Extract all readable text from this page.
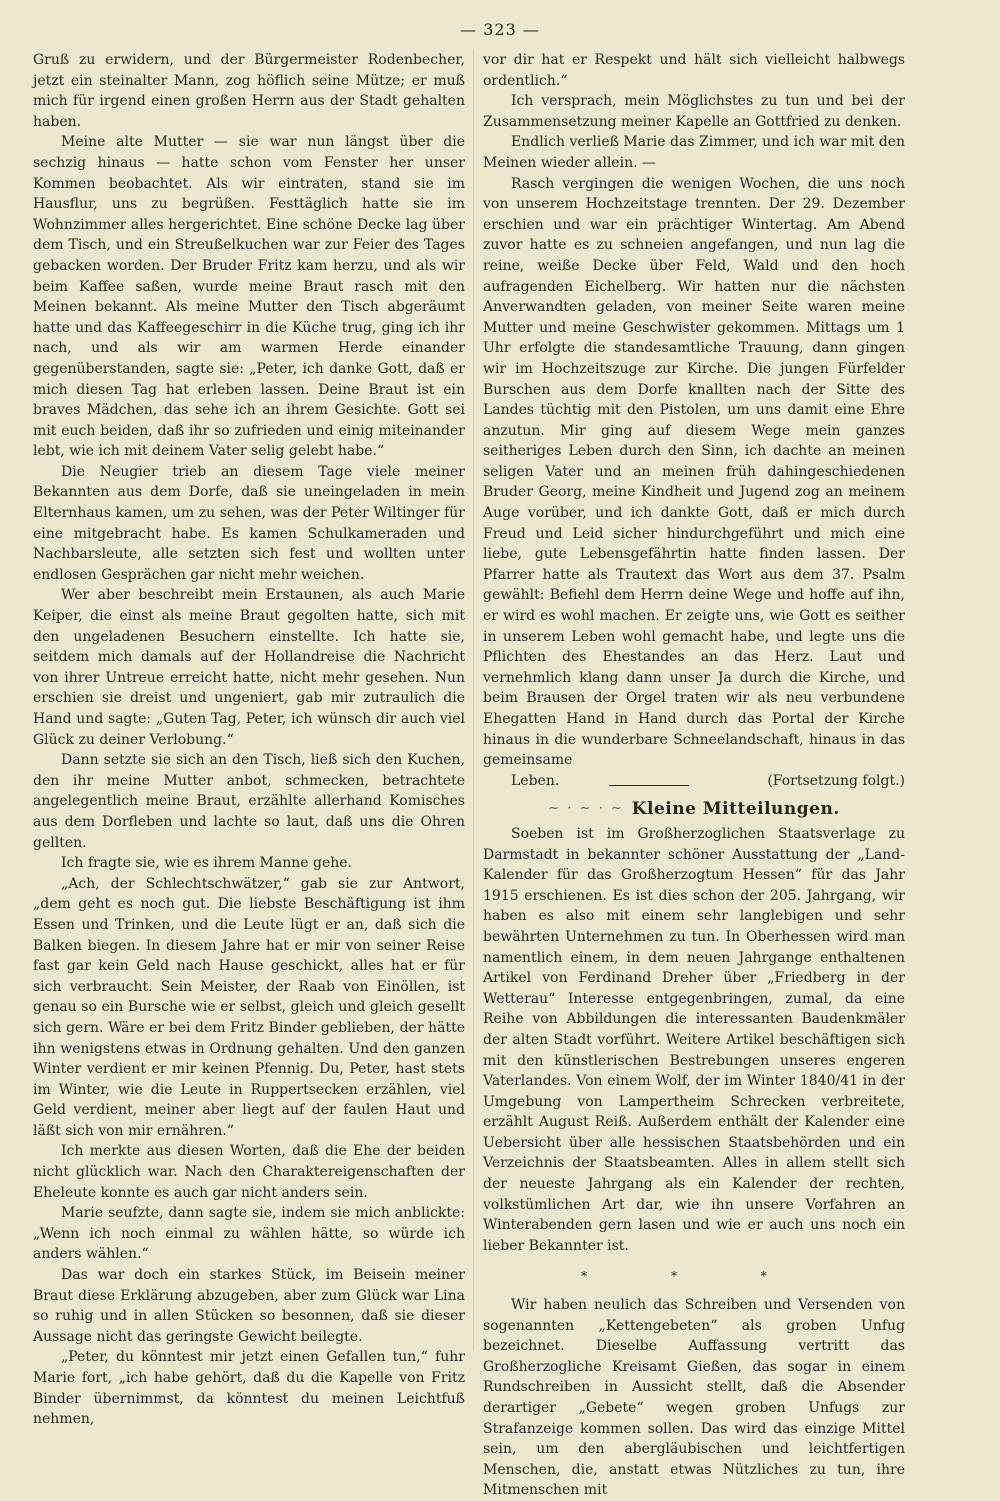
— 323 —

Gruß zu erwidern, und der Bürgermeister Rodenbecher, jetzt ein steinalter Mann, zog höflich seine Mütze; er muß mich für irgend einen großen Herrn aus der Stadt gehalten haben.

Meine alte Mutter — sie war nun längst über die sechzig hinaus — hatte schon vom Fenster her unser Kommen beobachtet. Als wir eintraten, stand sie im Hausflur, uns zu begrüßen. Festtäglich hatte sie im Wohnzimmer alles hergerichtet. Eine schöne Decke lag über dem Tisch, und ein Streußelkuchen war zur Feier des Tages gebacken worden. Der Bruder Fritz kam herzu, und als wir beim Kaffee saßen, wurde meine Braut rasch mit den Meinen bekannt. Als meine Mutter den Tisch abgeräumt hatte und das Kaffeegeschirr in die Küche trug, ging ich ihr nach, und als wir am warmen Herde einander gegenüberstanden, sagte sie: „Peter, ich danke Gott, daß er mich diesen Tag hat erleben lassen. Deine Braut ist ein braves Mädchen, das sehe ich an ihrem Gesichte. Gott sei mit euch beiden, daß ihr so zufrieden und einig miteinander lebt, wie ich mit deinem Vater selig gelebt habe.“

Die Neugier trieb an diesem Tage viele meiner Bekannten aus dem Dorfe, daß sie uneingeladen in mein Elternhaus kamen, um zu sehen, was der Peter Wiltinger für eine mitgebracht habe. Es kamen Schulkameraden und Nachbarsleute, alle setzten sich fest und wollten unter endlosen Gesprächen gar nicht mehr weichen.

Wer aber beschreibt mein Erstaunen, als auch Marie Keiper, die einst als meine Braut gegolten hatte, sich mit den ungeladenen Besuchern einstellte. Ich hatte sie, seitdem mich damals auf der Hollandreise die Nachricht von ihrer Untreue erreicht hatte, nicht mehr gesehen. Nun erschien sie dreist und ungeniert, gab mir zutraulich die Hand und sagte: „Guten Tag, Peter, ich wünsch dir auch viel Glück zu deiner Verlobung.“

Dann setzte sie sich an den Tisch, ließ sich den Kuchen, den ihr meine Mutter anbot, schmecken, betrachtete angelegentlich meine Braut, erzählte allerhand Komisches aus dem Dorfleben und lachte so laut, daß uns die Ohren gellten.

Ich fragte sie, wie es ihrem Manne gehe.

„Ach, der Schlechtschwätzer,“ gab sie zur Antwort, „dem geht es noch gut. Die liebste Beschäftigung ist ihm Essen und Trinken, und die Leute lügt er an, daß sich die Balken biegen. In diesem Jahre hat er mir von seiner Reise fast gar kein Geld nach Hause geschickt, alles hat er für sich verbraucht. Sein Meister, der Raab von Einöllen, ist genau so ein Bursche wie er selbst, gleich und gleich gesellt sich gern. Wäre er bei dem Fritz Binder geblieben, der hätte ihn wenigstens etwas in Ordnung gehalten. Und den ganzen Winter verdient er mir keinen Pfennig. Du, Peter, hast stets im Winter, wie die Leute in Ruppertsecken erzählen, viel Geld verdient, meiner aber liegt auf der faulen Haut und läßt sich von mir ernähren.“

Ich merkte aus diesen Worten, daß die Ehe der beiden nicht glücklich war. Nach den Charaktereigenschaften der Eheleute konnte es auch gar nicht anders sein.

Marie seufzte, dann sagte sie, indem sie mich anblickte: „Wenn ich noch einmal zu wählen hätte, so würde ich anders wählen.“

Das war doch ein starkes Stück, im Beisein meiner Braut diese Erklärung abzugeben, aber zum Glück war Lina so ruhig und in allen Stücken so besonnen, daß sie dieser Aussage nicht das geringste Gewicht beilegte.

„Peter, du könntest mir jetzt einen Gefallen tun,“ fuhr Marie fort, „ich habe gehört, daß du die Kapelle von Fritz Binder übernimmst, da könntest du meinen Leichtfuß nehmen,

vor dir hat er Respekt und hält sich vielleicht halbwegs ordentlich.“

Ich versprach, mein Möglichstes zu tun und bei der Zusammensetzung meiner Kapelle an Gottfried zu denken.

Endlich verließ Marie das Zimmer, und ich war mit den Meinen wieder allein. —

Rasch vergingen die wenigen Wochen, die uns noch von unserem Hochzeitstage trennten. Der 29. Dezember erschien und war ein prächtiger Wintertag. Am Abend zuvor hatte es zu schneien angefangen, und nun lag die reine, weiße Decke über Feld, Wald und den hoch aufragenden Eichelberg. Wir hatten nur die nächsten Anverwandten geladen, von meiner Seite waren meine Mutter und meine Geschwister gekommen. Mittags um 1 Uhr erfolgte die standesamtliche Trauung, dann gingen wir im Hochzeitszuge zur Kirche. Die jungen Fürfelder Burschen aus dem Dorfe knallten nach der Sitte des Landes tüchtig mit den Pistolen, um uns damit eine Ehre anzutun. Mir ging auf diesem Wege mein ganzes seitheriges Leben durch den Sinn, ich dachte an meinen seligen Vater und an meinen früh dahingeschiedenen Bruder Georg, meine Kindheit und Jugend zog an meinem Auge vorüber, und ich dankte Gott, daß er mich durch Freud und Leid sicher hindurchgeführt und mich eine liebe, gute Lebensgefährtin hatte finden lassen. Der Pfarrer hatte als Trautext das Wort aus dem 37. Psalm gewählt: Befiehl dem Herrn deine Wege und hoffe auf ihn, er wird es wohl machen. Er zeigte uns, wie Gott es seither in unserem Leben wohl gemacht habe, und legte uns die Pflichten des Ehestandes an das Herz. Laut und vernehmlich klang dann unser Ja durch die Kirche, und beim Brausen der Orgel traten wir als neu verbundene Ehegatten Hand in Hand durch das Portal der Kirche hinaus in die wunderbare Schneelandschaft, hinaus in das gemeinsame

Leben.	(Fortsetzung folgt.)
~ · ~ · ~ Kleine Mitteilungen.

Soeben ist im Großherzoglichen Staatsverlage zu Darmstadt in bekannter schöner Ausstattung der „Land-Kalender für das Großherzogtum Hessen“ für das Jahr 1915 erschienen. Es ist dies schon der 205. Jahrgang, wir haben es also mit einem sehr langlebigen und sehr bewährten Unternehmen zu tun. In Oberhessen wird man namentlich einem, in dem neuen Jahrgange enthaltenen Artikel von Ferdinand Dreher über „Friedberg in der Wetterau“ Interesse entgegenbringen, zumal, da eine Reihe von Abbildungen die interessanten Baudenkmäler der alten Stadt vorführt. Weitere Artikel beschäftigen sich mit den künstlerischen Bestrebungen unseres engeren Vaterlandes. Von einem Wolf, der im Winter 1840/41 in der Umgebung von Lampertheim Schrecken verbreitete, erzählt August Reiß. Außerdem enthält der Kalender eine Uebersicht über alle hessischen Staatsbehörden und ein Verzeichnis der Staatsbeamten. Alles in allem stellt sich der neueste Jahrgang als ein Kalender der rechten, volkstümlichen Art dar, wie ihn unsere Vorfahren an Winterabenden gern lasen und wie er auch uns noch ein lieber Bekannter ist.

* * *

Wir haben neulich das Schreiben und Versenden von sogenannten „Kettengebeten“ als groben Unfug bezeichnet. Dieselbe Auffassung vertritt das Großherzogliche Kreisamt Gießen, das sogar in einem Rundschreiben in Aussicht stellt, daß die Absender derartiger „Gebete“ wegen groben Unfugs zur Strafanzeige kommen sollen. Das wird das einzige Mittel sein, um den abergläubischen und leichtfertigen Menschen, die, anstatt etwas Nützliches zu tun, ihre Mitmenschen mit
